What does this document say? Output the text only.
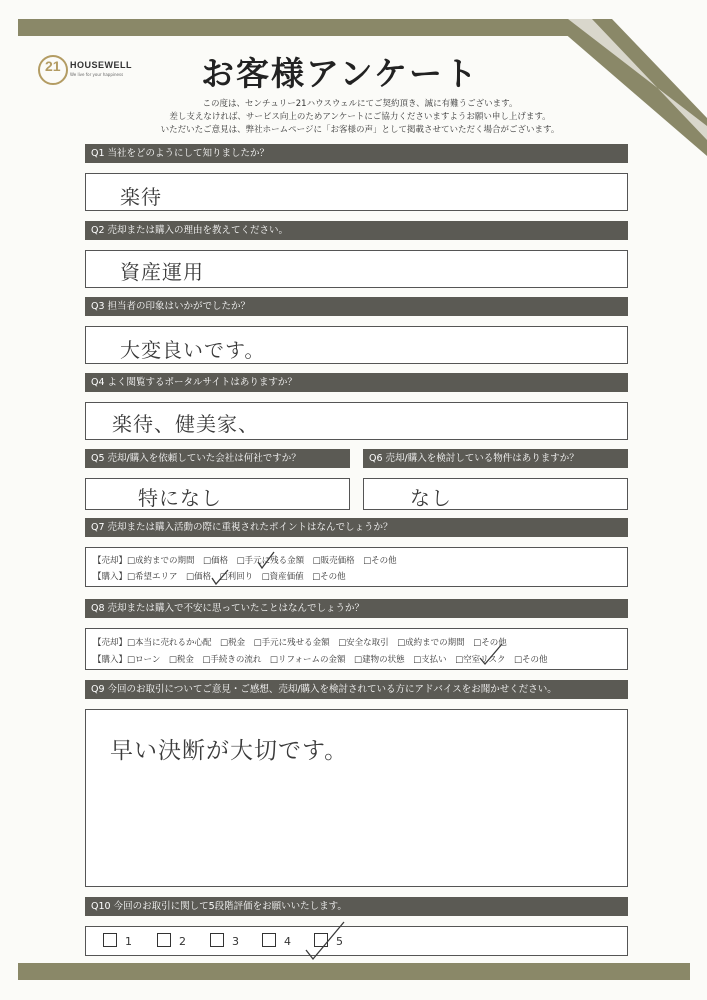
21 HOUSEWELL
We live for your happiness	お客様アンケート
この度は、センチュリー21ハウスウェルにてご契約頂き、誠に有難うございます。
差し支えなければ、サービス向上のためアンケートにご協力くださいますようお願い申し上げます。
いただいたご意見は、弊社ホームページに「お客様の声」として掲載させていただく場合がございます。
Q1 当社をどのようにして知りましたか？
楽待
Q2 売却または購入の理由を教えてください。
資産運用
Q3 担当者の印象はいかがでしたか？
大変良いです。
Q4 よく閲覧するポータルサイトはありますか？
楽待、健美家、
Q5 売却/購入を依頼していた会社は何社ですか？	Q6 売却/購入を検討している物件はありますか？
特になし	なし
Q7 売却または購入活動の際に重視されたポイントはなんでしょうか？
【売却】□成約までの期間　□価格　□手元に残る金額　□販売価格　□その他
【購入】□希望エリア　□価格　□利回り　□資産価値　□その他
Q8 売却または購入で不安に思っていたことはなんでしょうか？
【売却】□本当に売れるか心配　□税金　□手元に残せる金額　□安全な取引　□成約までの期間　□その他
【購入】□ローン　□税金　□手続きの流れ　□リフォームの金額　□建物の状態　□支払い　□空室リスク　□その他
Q9 今回のお取引についてご意見・ご感想、売却/購入を検討されている方にアドバイスをお聞かせください。
早い決断が大切です。
Q10 今回のお取引に関して5段階評価をお願いいたします。
1	2	3	4	5
